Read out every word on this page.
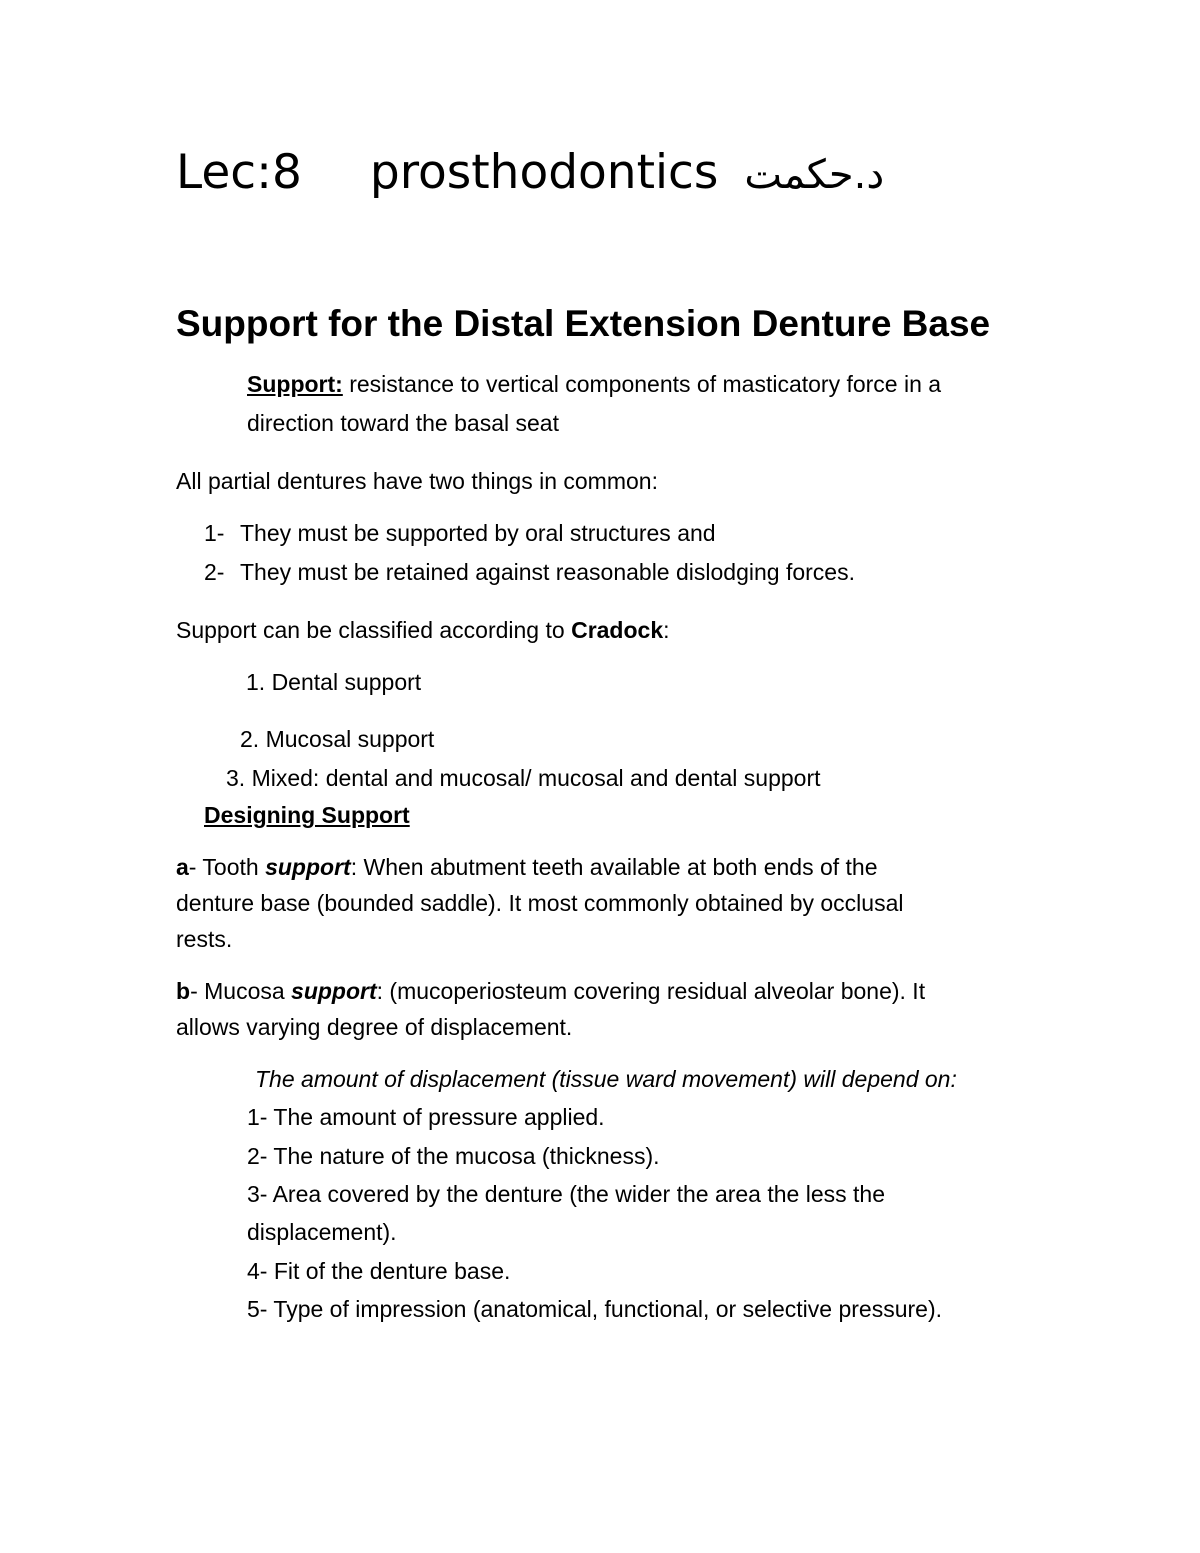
Lec:8 prosthodontics د.حكمت
Support for the Distal Extension Denture Base
Support: resistance to vertical components of masticatory force in a
direction toward the basal seat
All partial dentures have two things in common:
1- They must be supported by oral structures and
2- They must be retained against reasonable dislodging forces.
Support can be classified according to Cradock:
1. Dental support
2. Mucosal support
3. Mixed: dental and mucosal/ mucosal and dental support
Designing Support
a- Tooth support: When abutment teeth available at both ends of the
denture base (bounded saddle). It most commonly obtained by occlusal
rests.
b- Mucosa support: (mucoperiosteum covering residual alveolar bone). It
allows varying degree of displacement.
The amount of displacement (tissue ward movement) will depend on:
1- The amount of pressure applied.
2- The nature of the mucosa (thickness).
3- Area covered by the denture (the wider the area the less the
displacement).
4- Fit of the denture base.
5- Type of impression (anatomical, functional, or selective pressure).
